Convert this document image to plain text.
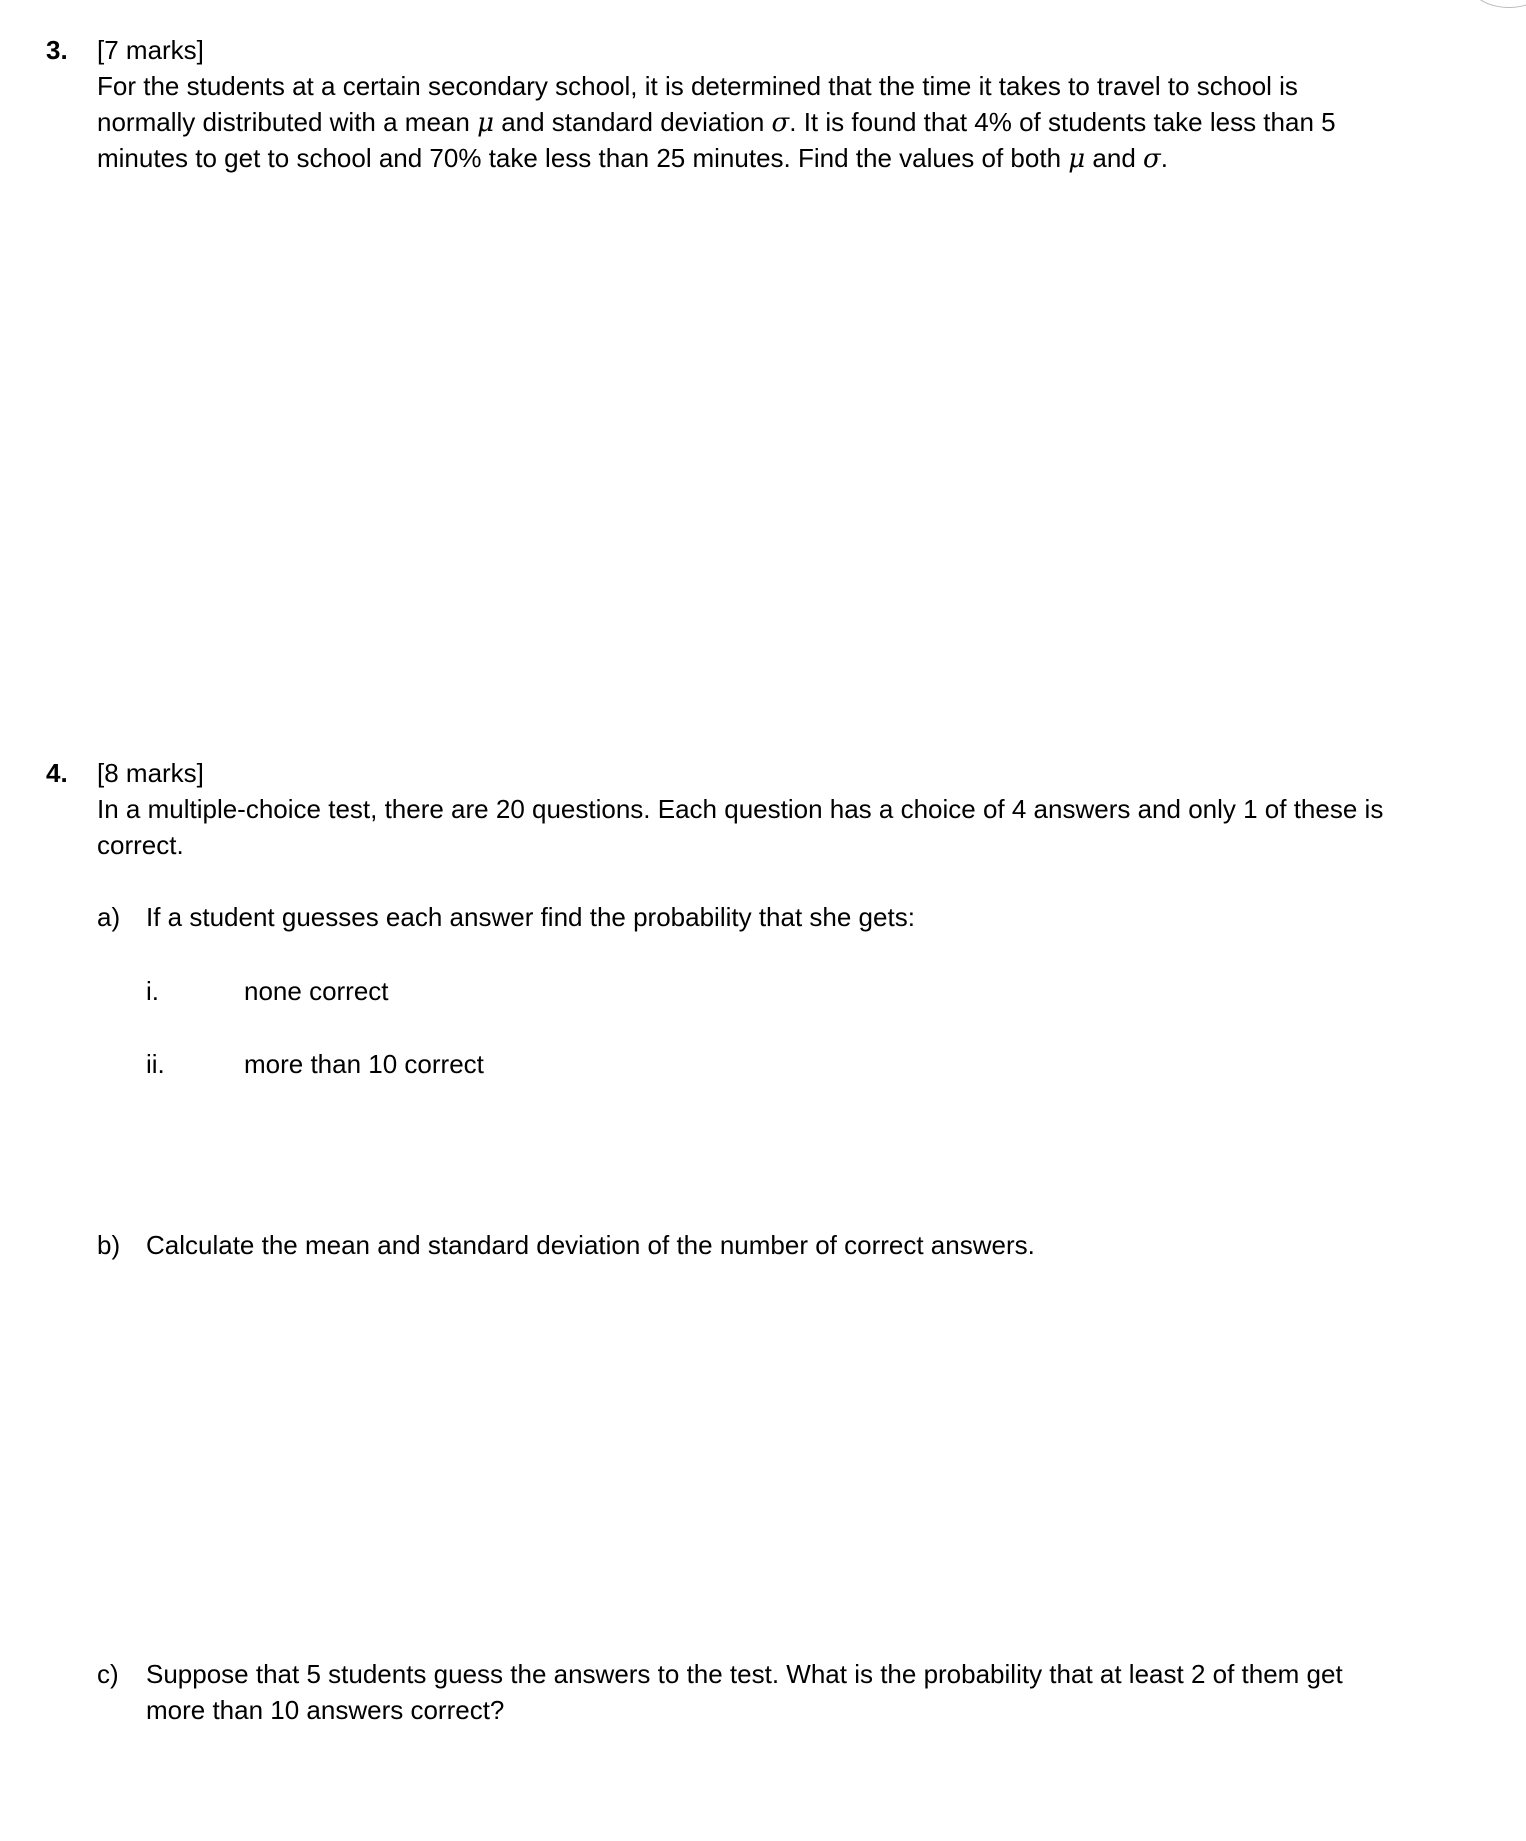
3.	[7 marks]
For the students at a certain secondary school, it is determined that the time it takes to travel to school is
normally distributed with a mean μ and standard deviation σ. It is found that 4% of students take less than 5
minutes to get to school and 70% take less than 25 minutes. Find the values of both μ and σ.
4.	[8 marks]
In a multiple-choice test, there are 20 questions. Each question has a choice of 4 answers and only 1 of these is
correct.
a) If a student guesses each answer find the probability that she gets:
i.	none correct
ii.	more than 10 correct
b) Calculate the mean and standard deviation of the number of correct answers.
c) Suppose that 5 students guess the answers to the test. What is the probability that at least 2 of them get
more than 10 answers correct?
